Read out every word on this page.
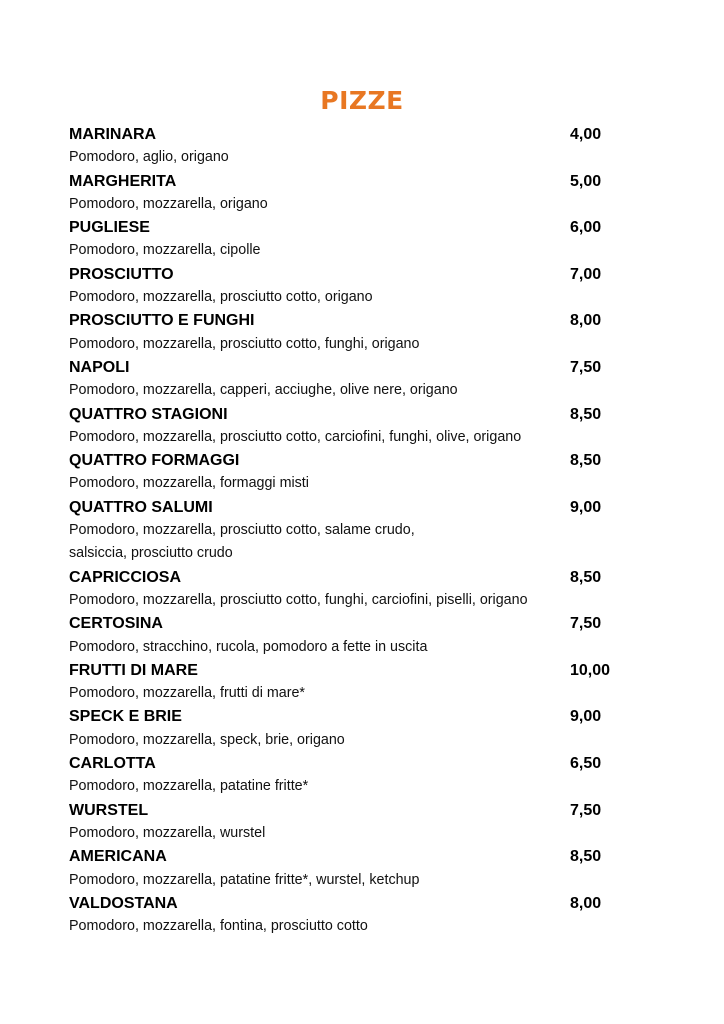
PIZZE
MARINARA	4,00
Pomodoro, aglio, origano
MARGHERITA	5,00
Pomodoro, mozzarella, origano
PUGLIESE	6,00
Pomodoro, mozzarella, cipolle
PROSCIUTTO	7,00
Pomodoro, mozzarella, prosciutto cotto, origano
PROSCIUTTO E FUNGHI	8,00
Pomodoro, mozzarella, prosciutto cotto, funghi, origano
NAPOLI	7,50
Pomodoro, mozzarella, capperi, acciughe, olive nere, origano
QUATTRO STAGIONI	8,50
Pomodoro, mozzarella, prosciutto cotto, carciofini, funghi, olive, origano
QUATTRO FORMAGGI	8,50
Pomodoro, mozzarella, formaggi misti
QUATTRO SALUMI	9,00
Pomodoro, mozzarella, prosciutto cotto, salame crudo,
salsiccia, prosciutto crudo
CAPRICCIOSA	8,50
Pomodoro, mozzarella, prosciutto cotto, funghi, carciofini, piselli, origano
CERTOSINA	7,50
Pomodoro, stracchino, rucola, pomodoro a fette in uscita
FRUTTI DI MARE	10,00
Pomodoro, mozzarella, frutti di mare*
SPECK E BRIE	9,00
Pomodoro, mozzarella, speck, brie, origano
CARLOTTA	6,50
Pomodoro, mozzarella, patatine fritte*
WURSTEL	7,50
Pomodoro, mozzarella, wurstel
AMERICANA	8,50
Pomodoro, mozzarella, patatine fritte*, wurstel, ketchup
VALDOSTANA	8,00
Pomodoro, mozzarella, fontina, prosciutto cotto
